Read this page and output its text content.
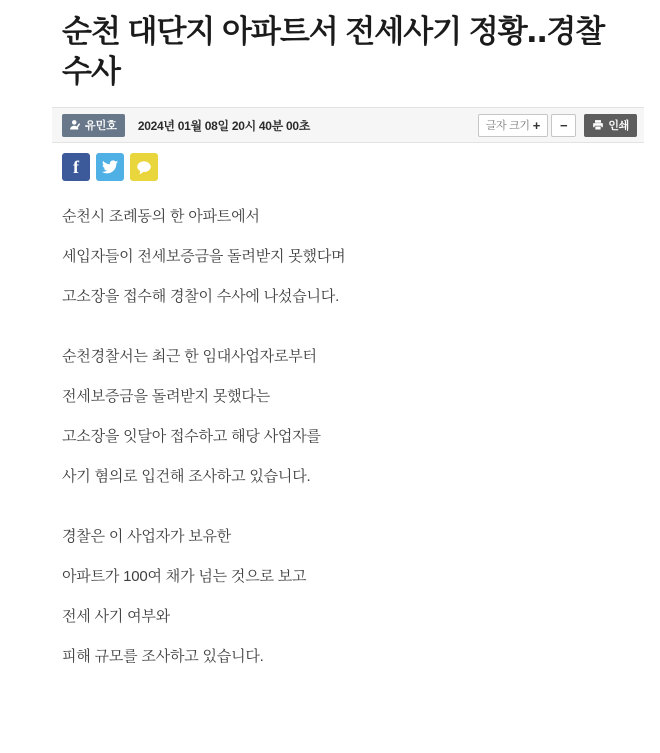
순천 대단지 아파트서 전세사기 정황‥경찰 수사
유민호 2024년 01월 08일 20시 40분 00초	글자 크기 + −	인쇄
f

순천시 조례동의 한 아파트에서

세입자들이 전세보증금을 돌려받지 못했다며

고소장을 접수해 경찰이 수사에 나섰습니다.

순천경찰서는 최근 한 임대사업자로부터

전세보증금을 돌려받지 못했다는

고소장을 잇달아 접수하고 해당 사업자를

사기 혐의로 입건해 조사하고 있습니다.

경찰은 이 사업자가 보유한

아파트가 100여 채가 넘는 것으로 보고

전세 사기 여부와

피해 규모를 조사하고 있습니다.
